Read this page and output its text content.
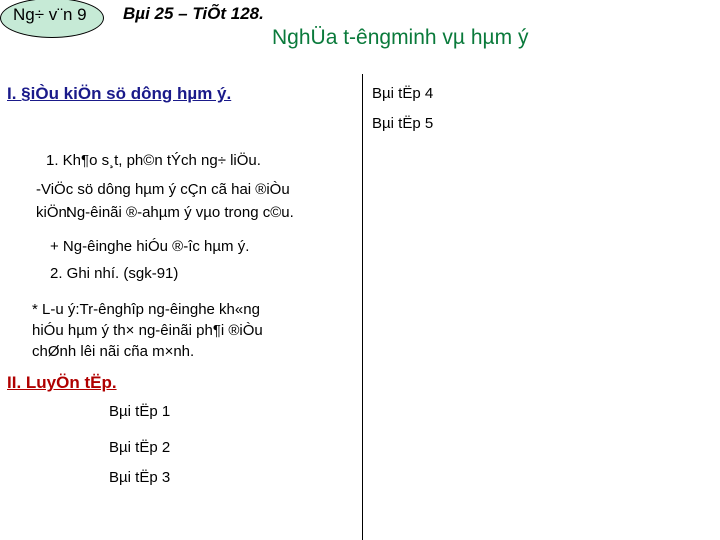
Ng÷ v¨n 9 Bµi 25 – TiÕt 128.
NghÜa t-êngminh vµ hµm ý
I. §iÒu kiÖn sö dông hµm ý.	Bµi tËp 4
Bµi tËp 5
1. Kh¶o s¸t, ph©n tÝch ng÷ liÖu.
-ViÖc sö dông hµm ý cÇn cã hai ®iÒu
kiÖn:
Ng-êinãi ®-ahµm ý vµo trong c©u.
+ Ng-êinghe hiÓu ®-îc hµm ý.
2. Ghi nhí. (sgk-91)
* L-u ý:Tr-ênghîp ng-êinghe kh«ng
hiÓu hµm ý th× ng-êinãi ph¶i ®iÒu
chØnh lêi nãi cña m×nh.
II. LuyÖn tËp.
Bµi tËp 1
Bµi tËp 2
Bµi tËp 3
